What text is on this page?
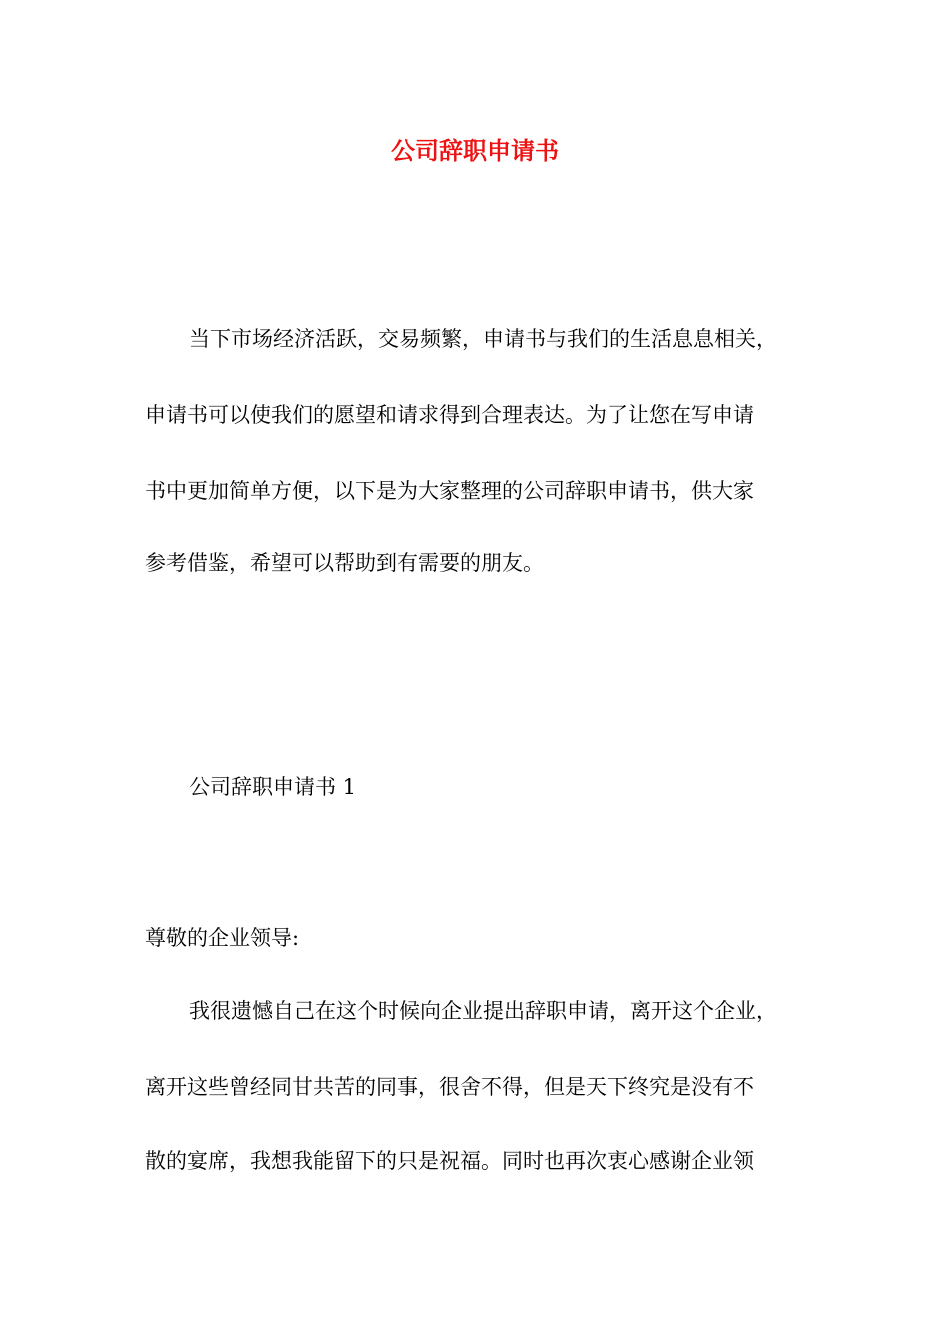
公司辞职申请书
当下市场经济活跃，交易频繁，申请书与我们的生活息息相关，
申请书可以使我们的愿望和请求得到合理表达。为了让您在写申请
书中更加简单方便，以下是为大家整理的公司辞职申请书，供大家
参考借鉴，希望可以帮助到有需要的朋友。
公司辞职申请书 1
尊敬的企业领导:
我很遗憾自己在这个时候向企业提出辞职申请，离开这个企业，
离开这些曾经同甘共苦的同事，很舍不得，但是天下终究是没有不
散的宴席，我想我能留下的只是祝福。同时也再次衷心感谢企业领
